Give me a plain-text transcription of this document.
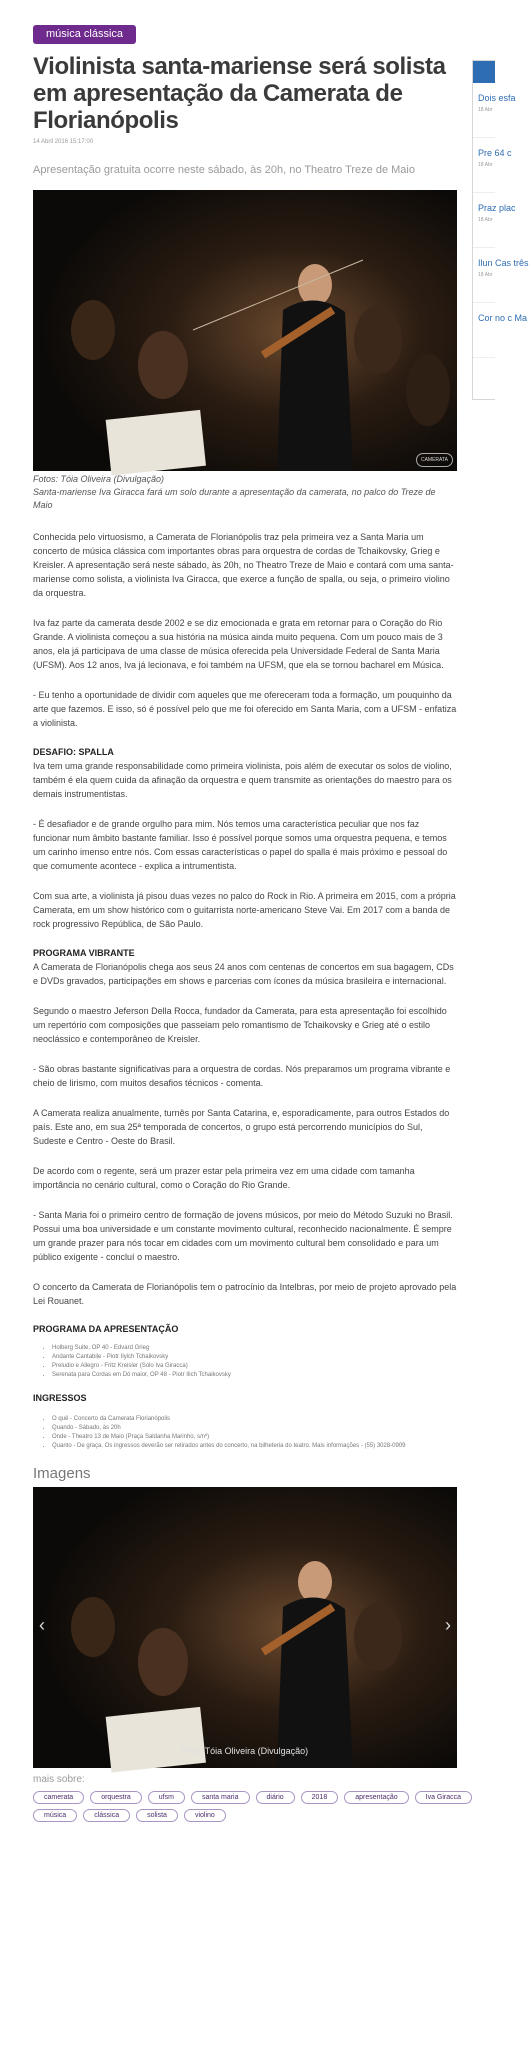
música clássica
Violinista santa-mariense será solista em apresentação da Camerata de Florianópolis
14 Abril 2016 15:17:00
Apresentação gratuita ocorre neste sábado, às 20h, no Theatro Treze de Maio
CAMERATA
Fotos: Tóia Oliveira (Divulgação)
Santa-mariense Iva Giracca fará um solo durante a apresentação da camerata, no palco do Treze de Maio

Conhecida pelo virtuosismo, a Camerata de Florianópolis traz pela primeira vez a Santa Maria um concerto de música clássica com importantes obras para orquestra de cordas de Tchaikovsky, Grieg e Kreisler. A apresentação será neste sábado, às 20h, no Theatro Treze de Maio e contará com uma santa-mariense como solista, a violinista Iva Giracca, que exerce a função de spalla, ou seja, o primeiro violino da orquestra.

Iva faz parte da camerata desde 2002 e se diz emocionada e grata em retornar para o Coração do Rio Grande. A violinista começou a sua história na música ainda muito pequena. Com um pouco mais de 3 anos, ela já participava de uma classe de música oferecida pela Universidade Federal de Santa Maria (UFSM). Aos 12 anos, Iva já lecionava, e foi também na UFSM, que ela se tornou bacharel em Música.

- Eu tenho a oportunidade de dividir com aqueles que me ofereceram toda a formação, um pouquinho da arte que fazemos. E isso, só é possível pelo que me foi oferecido em Santa Maria, com a UFSM - enfatiza a violinista.

DESAFIO: SPALLA

Iva tem uma grande responsabilidade como primeira violinista, pois além de executar os solos de violino, também é ela quem cuida da afinação da orquestra e quem transmite as orientações do maestro para os demais instrumentistas.

- É desafiador e de grande orgulho para mim. Nós temos uma característica peculiar que nos faz funcionar num âmbito bastante familiar. Isso é possível porque somos uma orquestra pequena, e temos um carinho imenso entre nós. Com essas características o papel do spalla é mais próximo e pessoal do que comumente acontece - explica a intrumentista.

Com sua arte, a violinista já pisou duas vezes no palco do Rock in Rio. A primeira em 2015, com a própria Camerata, em um show histórico com o guitarrista norte-americano Steve Vai. Em 2017 com a banda de rock progressivo República, de São Paulo.

PROGRAMA VIBRANTE

A Camerata de Florianópolis chega aos seus 24 anos com centenas de concertos em sua bagagem, CDs e DVDs gravados, participações em shows e parcerias com ícones da música brasileira e internacional.

Segundo o maestro Jeferson Della Rocca, fundador da Camerata, para esta apresentação foi escolhido um repertório com composições que passeiam pelo romantismo de Tchaikovsky e Grieg até o estilo neoclássico e contemporâneo de Kreisler.

- São obras bastante significativas para a orquestra de cordas. Nós preparamos um programa vibrante e cheio de lirismo, com muitos desafios técnicos - comenta.

A Camerata realiza anualmente, turnês por Santa Catarina, e, esporadicamente, para outros Estados do país. Este ano, em sua 25ª temporada de concertos, o grupo está percorrendo municípios do Sul, Sudeste e Centro - Oeste do Brasil.

De acordo com o regente, será um prazer estar pela primeira vez em uma cidade com tamanha importância no cenário cultural, como o Coração do Rio Grande.

- Santa Maria foi o primeiro centro de formação de jovens músicos, por meio do Método Suzuki no Brasil. Possui uma boa universidade e um constante movimento cultural, reconhecido nacionalmente. É sempre um grande prazer para nós tocar em cidades com um movimento cultural bem consolidado e para um público exigente - concluí o maestro.

O concerto da Camerata de Florianópolis tem o patrocínio da Intelbras, por meio de projeto aprovado pela Lei Rouanet.

PROGRAMA DA APRESENTAÇÃO
• Holberg Suite, OP 40 - Edvard Grieg
• Andante Cantabile - Piotr Ilyich Tchaikovsky
• Preludio e Allegro - Fritz Kreisler (Solo Iva Giracca)
• Serenata para Cordas em Dó maior, OP 48 - Piotr Ilich Tchaikovsky
INGRESSOS
• O quê - Concerto da Camerata Florianópolis
• Quando - Sábado, às 20h
• Onde - Theatro 13 de Maio (Praça Saldanha Marinho, s/nº)
• Quanto - De graça. Os ingressos deverão ser retirados antes do concerto, na bilheteria do teatro. Mais informações - (55) 3028-0909
Imagens
‹	›
Foto: Tóia Oliveira (Divulgação)
mais sobre:
camerata	orquestra	ufsm	santa maria	diário	2018	apresentação	Iva Giracca
música	clássica	solista	violino
Dois esfa
18 Abr
Pre 64 c
18 Abr
Praz plac
18 Abr
Ilun Cas três
18 Abr
Cor no c Ma
